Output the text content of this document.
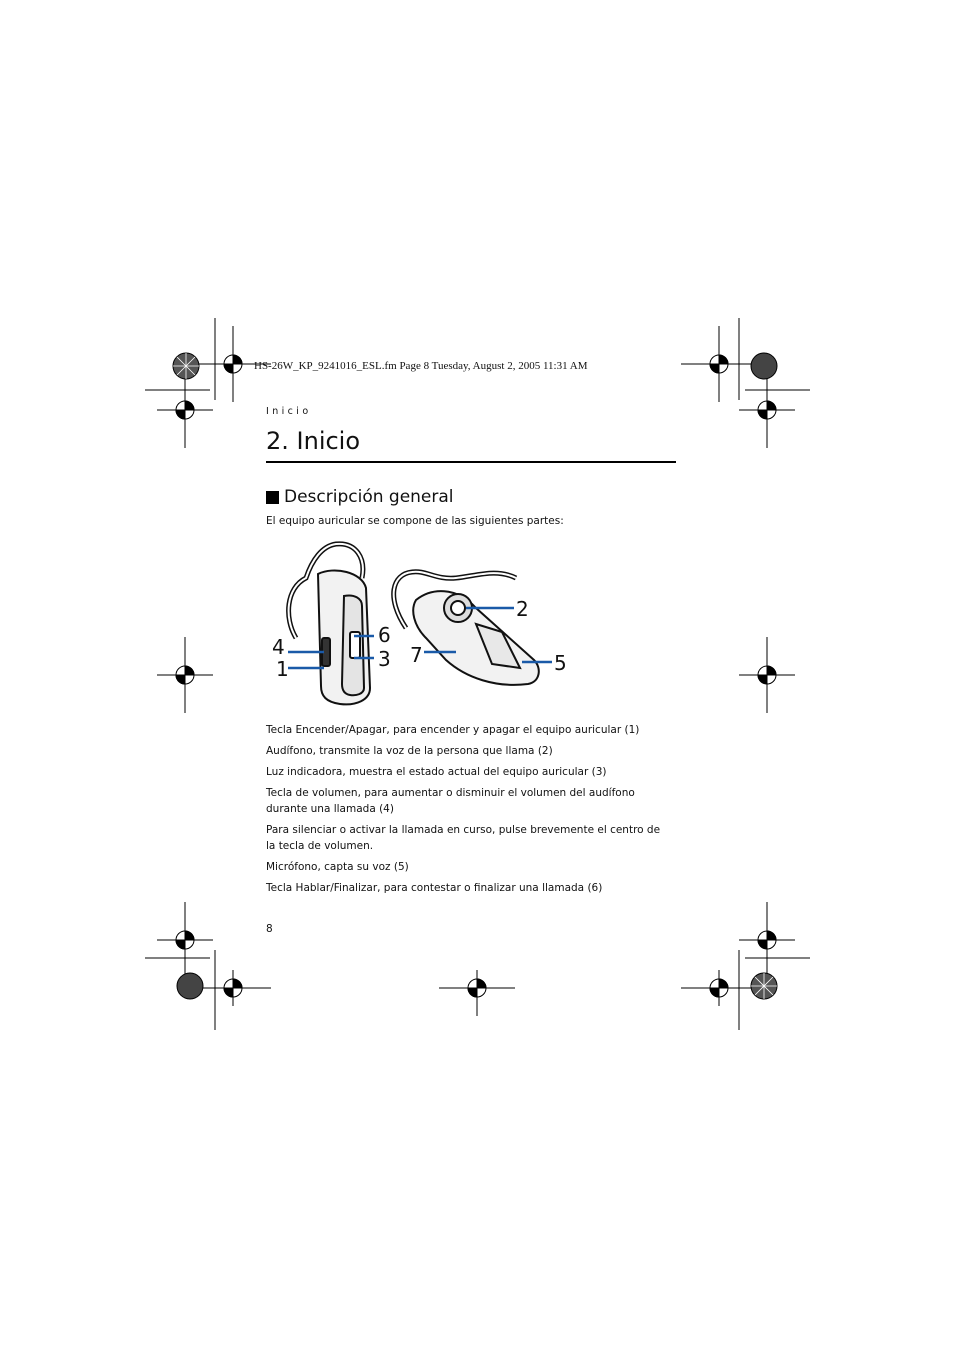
HS-26W_KP_9241016_ESL.fm Page 8 Tuesday, August 2, 2005 11:31 AM
Inicio
2. Inicio
Descripción general
El equipo auricular se compone de las siguientes partes:
4
1
6
3
2
7	5
Tecla Encender/Apagar, para encender y apagar el equipo auricular (1)
Audífono, transmite la voz de la persona que llama (2)
Luz indicadora, muestra el estado actual del equipo auricular (3)
Tecla de volumen, para aumentar o disminuir el volumen del audífono durante una llamada (4)
Para silenciar o activar la llamada en curso, pulse brevemente el centro de la tecla de volumen.
Micrófono, capta su voz (5)
Tecla Hablar/Finalizar, para contestar o finalizar una llamada (6)
8
